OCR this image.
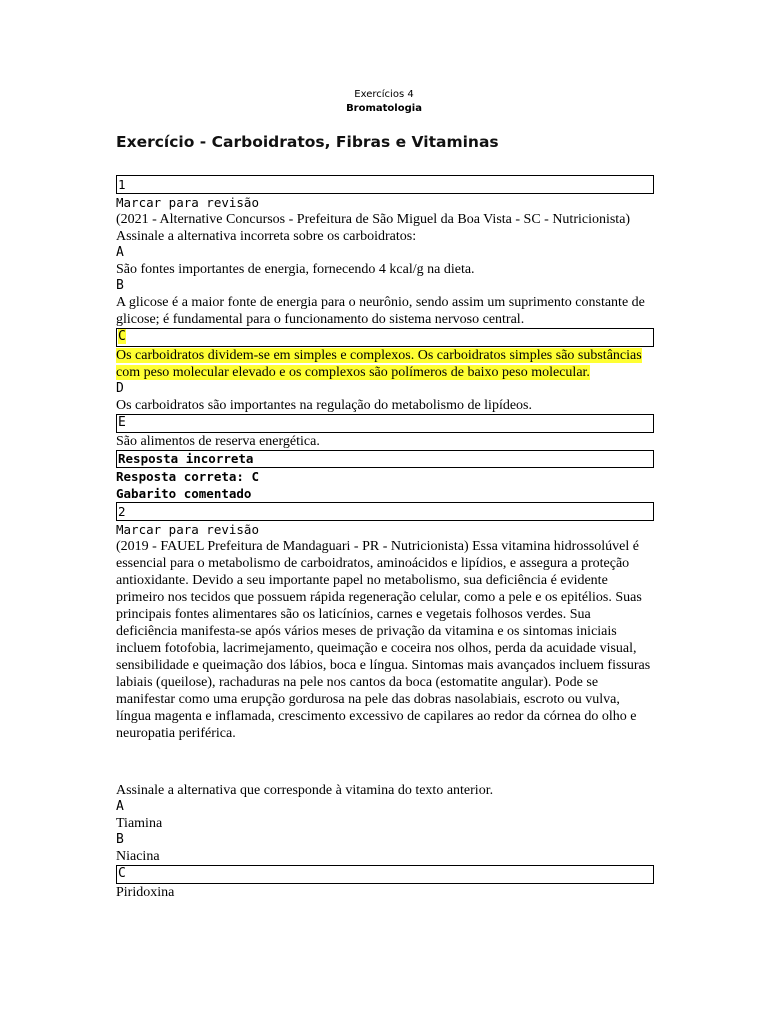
Exercícios 4
Bromatologia
Exercício - Carboidratos, Fibras e Vitaminas
1
Marcar para revisão
(2021 - Alternative Concursos - Prefeitura de São Miguel da Boa Vista - SC - Nutricionista) Assinale a alternativa incorreta sobre os carboidratos:
A
São fontes importantes de energia, fornecendo 4 kcal/g na dieta.
B
A glicose é a maior fonte de energia para o neurônio, sendo assim um suprimento constante de glicose; é fundamental para o funcionamento do sistema nervoso central.
C
Os carboidratos dividem-se em simples e complexos. Os carboidratos simples são substâncias com peso molecular elevado e os complexos são polímeros de baixo peso molecular.
D
Os carboidratos são importantes na regulação do metabolismo de lipídeos.
E
São alimentos de reserva energética.
Resposta incorreta
Resposta correta: C
Gabarito comentado
2
Marcar para revisão
(2019 - FAUEL Prefeitura de Mandaguari - PR - Nutricionista) Essa vitamina hidrossolúvel é essencial para o metabolismo de carboidratos, aminoácidos e lipídios, e assegura a proteção antioxidante. Devido a seu importante papel no metabolismo, sua deficiência é evidente primeiro nos tecidos que possuem rápida regeneração celular, como a pele e os epitélios. Suas principais fontes alimentares são os laticínios, carnes e vegetais folhosos verdes. Sua deficiência manifesta-se após vários meses de privação da vitamina e os sintomas iniciais incluem fotofobia, lacrimejamento, queimação e coceira nos olhos, perda da acuidade visual, sensibilidade e queimação dos lábios, boca e língua. Sintomas mais avançados incluem fissuras labiais (queilose), rachaduras na pele nos cantos da boca (estomatite angular). Pode se manifestar como uma erupção gordurosa na pele das dobras nasolabiais, escroto ou vulva, língua magenta e inflamada, crescimento excessivo de capilares ao redor da córnea do olho e neuropatia periférica.
Assinale a alternativa que corresponde à vitamina do texto anterior.
A
Tiamina
B
Niacina
C
Piridoxina
